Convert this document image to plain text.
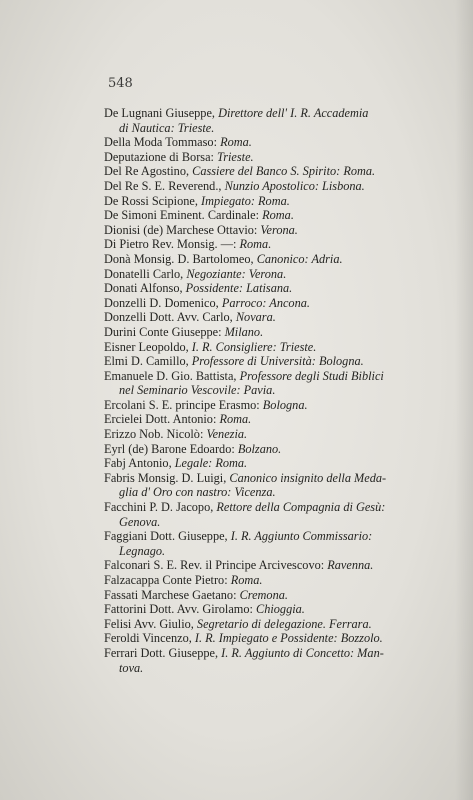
548
De Lugnani Giuseppe, Direttore dell' I. R. Accademia
di Nautica: Trieste.
Della Moda Tommaso: Roma.
Deputazione di Borsa: Trieste.
Del Re Agostino, Cassiere del Banco S. Spirito: Roma.
Del Re S. E. Reverend., Nunzio Apostolico: Lisbona.
De Rossi Scipione, Impiegato: Roma.
De Simoni Eminent. Cardinale: Roma.
Dionisi (de) Marchese Ottavio: Verona.
Di Pietro Rev. Monsig. —: Roma.
Donà Monsig. D. Bartolomeo, Canonico: Adria.
Donatelli Carlo, Negoziante: Verona.
Donati Alfonso, Possidente: Latisana.
Donzelli D. Domenico, Parroco: Ancona.
Donzelli Dott. Avv. Carlo, Novara.
Durini Conte Giuseppe: Milano.
Eisner Leopoldo, I. R. Consigliere: Trieste.
Elmi D. Camillo, Professore di Università: Bologna.
Emanuele D. Gio. Battista, Professore degli Studi Biblici
nel Seminario Vescovile: Pavia.
Ercolani S. E. principe Erasmo: Bologna.
Ercielei Dott. Antonio: Roma.
Erizzo Nob. Nicolò: Venezia.
Eyrl (de) Barone Edoardo: Bolzano.
Fabj Antonio, Legale: Roma.
Fabris Monsig. D. Luigi, Canonico insignito della Meda-
glia d' Oro con nastro: Vicenza.
Facchini P. D. Jacopo, Rettore della Compagnia di Gesù:
Genova.
Faggiani Dott. Giuseppe, I. R. Aggiunto Commissario:
Legnago.
Falconari S. E. Rev. il Principe Arcivescovo: Ravenna.
Falzacappa Conte Pietro: Roma.
Fassati Marchese Gaetano: Cremona.
Fattorini Dott. Avv. Girolamo: Chioggia.
Felisi Avv. Giulio, Segretario di delegazione. Ferrara.
Feroldi Vincenzo, I. R. Impiegato e Possidente: Bozzolo.
Ferrari Dott. Giuseppe, I. R. Aggiunto di Concetto: Man-
tova.
